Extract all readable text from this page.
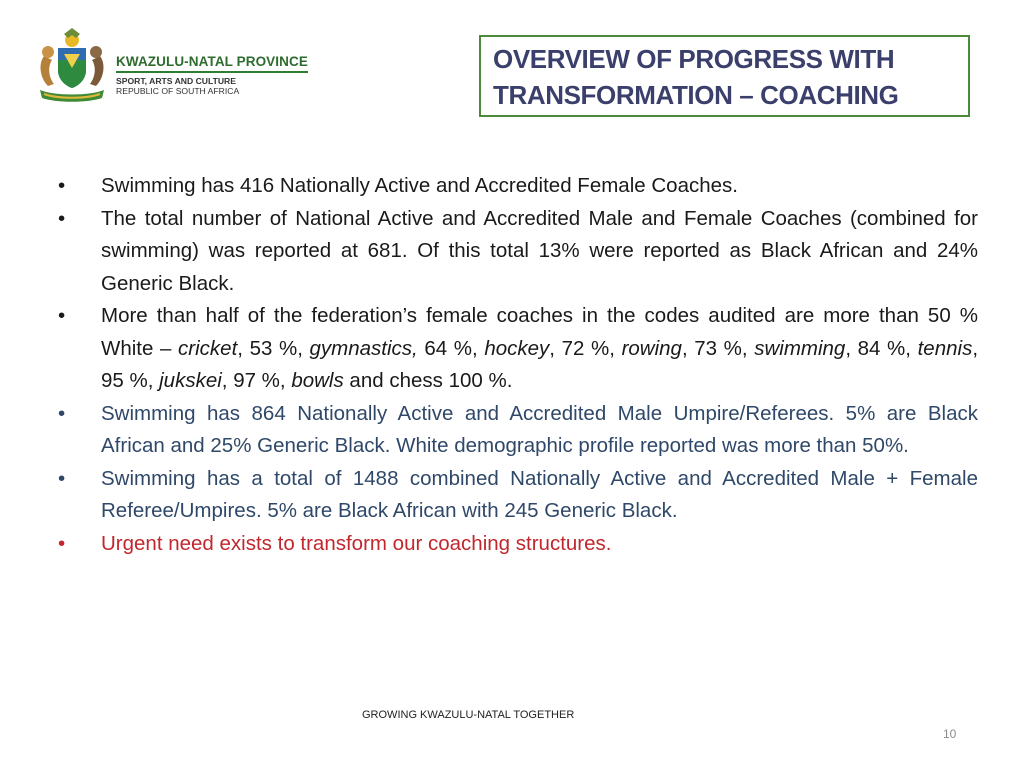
KWAZULU-NATAL PROVINCE
SPORT, ARTS AND CULTURE
REPUBLIC OF SOUTH AFRICA
OVERVIEW OF PROGRESS WITH
TRANSFORMATION – COACHING
• Swimming has 416 Nationally Active and Accredited Female Coaches.
• The total number of National Active and Accredited Male and Female Coaches (combined for swimming) was reported at 681. Of this total 13% were reported as Black African and 24% Generic Black.
• More than half of the federation’s female coaches in the codes audited are more than 50 % White – cricket, 53 %, gymnastics, 64 %, hockey, 72 %, rowing, 73 %, swimming, 84 %, tennis, 95 %, jukskei, 97 %, bowls and chess 100 %.
• Swimming has 864 Nationally Active and Accredited Male Umpire/Referees. 5% are Black African and 25% Generic Black. White demographic profile reported was more than 50%.
• Swimming has a total of 1488 combined Nationally Active and Accredited Male + Female Referee/Umpires. 5% are Black African with 245 Generic Black.
• Urgent need exists to transform our coaching structures.
GROWING KWAZULU-NATAL TOGETHER
10
